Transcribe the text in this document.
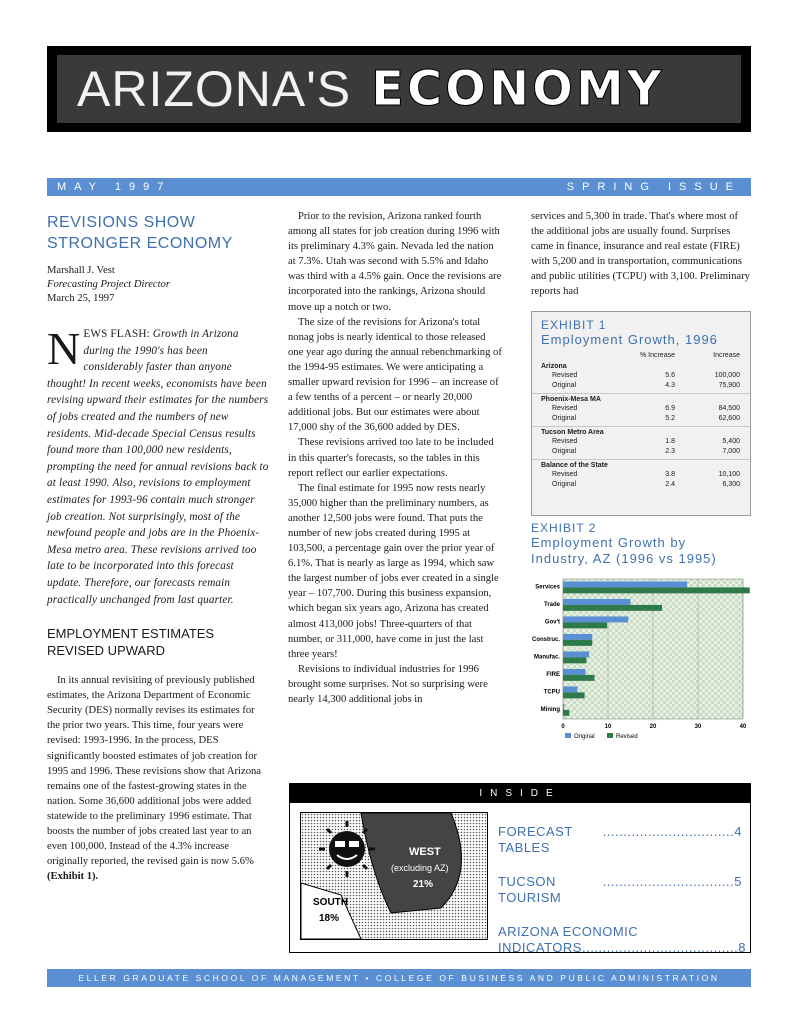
ARIZONA'S ECONOMY
MAY 1997	SPRING ISSUE
REVISIONS SHOW
STRONGER ECONOMY
Marshall J. Vest
Forecasting Project Director
March 25, 1997
NEWS FLASH: Growth in Arizona during the 1990's has been considerably faster than anyone thought! In recent weeks, economists have been revising upward their estimates for the numbers of jobs created and the numbers of new residents. Mid-decade Special Census results found more than 100,000 new residents, prompting the need for annual revisions back to at least 1990. Also, revisions to employment estimates for 1993-96 contain much stronger job creation. Not surprisingly, most of the newfound people and jobs are in the Phoenix-Mesa metro area. These revisions arrived too late to be incorporated into this forecast update. Therefore, our forecasts remain practically unchanged from last quarter.
EMPLOYMENT ESTIMATES
REVISED UPWARD

In its annual revisiting of previously published estimates, the Arizona Department of Economic Security (DES) normally revises its estimates for the prior two years. This time, four years were revised: 1993-1996. In the process, DES significantly boosted estimates of job creation for 1995 and 1996. These revisions show that Arizona remains one of the fastest-growing states in the nation. Some 36,600 additional jobs were added statewide to the preliminary 1996 estimate. That boosts the number of jobs created last year to an even 100,000. Instead of the 4.3% increase originally reported, the revised gain is now 5.6% (Exhibit 1).

Prior to the revision, Arizona ranked fourth among all states for job creation during 1996 with its preliminary 4.3% gain. Nevada led the nation at 7.3%. Utah was second with 5.5% and Idaho was third with a 4.5% gain. Once the revisions are incorporated into the rankings, Arizona should move up a notch or two.

The size of the revisions for Arizona's total nonag jobs is nearly identical to those released one year ago during the annual rebenchmarking of the 1994-95 estimates. We were anticipating a smaller upward revision for 1996 – an increase of a few tenths of a percent – or nearly 20,000 additional jobs. But our estimates were about 17,000 shy of the 36,600 added by DES.

These revisions arrived too late to be included in this quarter's forecasts, so the tables in this report reflect our earlier expectations.

The final estimate for 1995 now rests nearly 35,000 higher than the preliminary numbers, as another 12,500 jobs were found. That puts the number of new jobs created during 1995 at 103,500, a percentage gain over the prior year of 6.1%. That is nearly as large as 1994, which saw the largest number of jobs ever created in a single year – 107,700. During this business expansion, which began six years ago, Arizona has created almost 413,000 jobs! Three-quarters of that number, or 311,000, have come in just the last three years!

Revisions to individual industries for 1996 brought some surprises. Not so surprising were nearly 14,300 additional jobs in

services and 5,300 in trade. That's where most of the additional jobs are usually found. Surprises came in finance, insurance and real estate (FIRE) with 5,200 and in transportation, communications and public utilities (TCPU) with 3,100. Preliminary reports had

EXHIBIT 1
Employment Growth, 1996
	% Increase	Increase
Arizona		
Revised	5.6	100,000
Original	4.3	75,900

Phoenix-Mesa MA		
Revised	6.9	84,500
Original	5.2	62,600

Tucson Metro Area		
Revised	1.8	5,400
Original	2.3	7,000

Balance of the State		
Revised	3.8	10,100
Original	2.4	6,300
EXHIBIT 2
Employment Growth by
Industry, AZ (1996 vs 1995)
Services
Trade
Gov't
Construc.
Manufac.
FIRE
TCPU
Mining
0	10	20	30	40
Original	Revised
INSIDE
WEST
(excluding AZ)
21%
SOUTH
18%
FORECAST TABLES
................................ 4
TUCSON TOURISM
................................ 5
ARIZONA ECONOMIC
INDICATORS ...................................... 8
ELLER GRADUATE SCHOOL OF MANAGEMENT • COLLEGE OF BUSINESS AND PUBLIC ADMINISTRATION
